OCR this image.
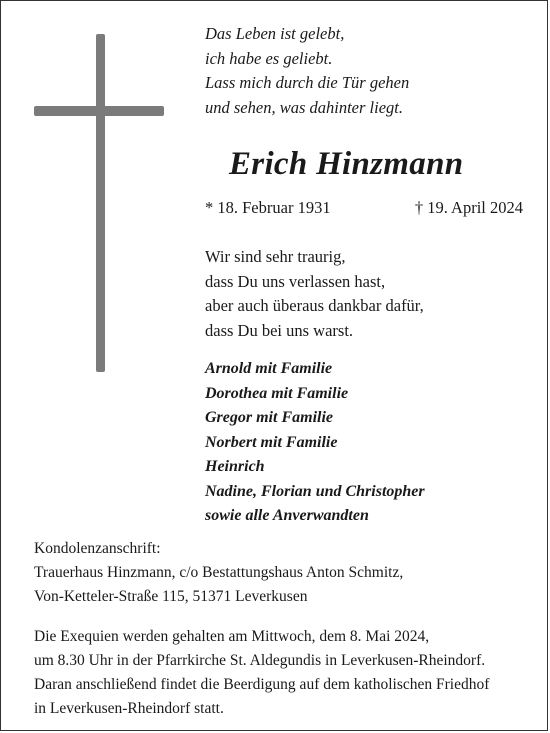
Das Leben ist gelebt,
ich habe es geliebt.
Lass mich durch die Tür gehen
und sehen, was dahinter liegt.
Erich Hinzmann
* 18. Februar 1931	† 19. April 2024
Wir sind sehr traurig,
dass Du uns verlassen hast,
aber auch überaus dankbar dafür,
dass Du bei uns warst.
Arnold mit Familie
Dorothea mit Familie
Gregor mit Familie
Norbert mit Familie
Heinrich
Nadine, Florian und Christopher
sowie alle Anverwandten
Kondolenzanschrift:
Trauerhaus Hinzmann, c/o Bestattungshaus Anton Schmitz,
Von-Ketteler-Straße 115, 51371 Leverkusen
Die Exequien werden gehalten am Mittwoch, dem 8. Mai 2024,
um 8.30 Uhr in der Pfarrkirche St. Aldegundis in Leverkusen-Rheindorf.
Daran anschließend findet die Beerdigung auf dem katholischen Friedhof
in Leverkusen-Rheindorf statt.
